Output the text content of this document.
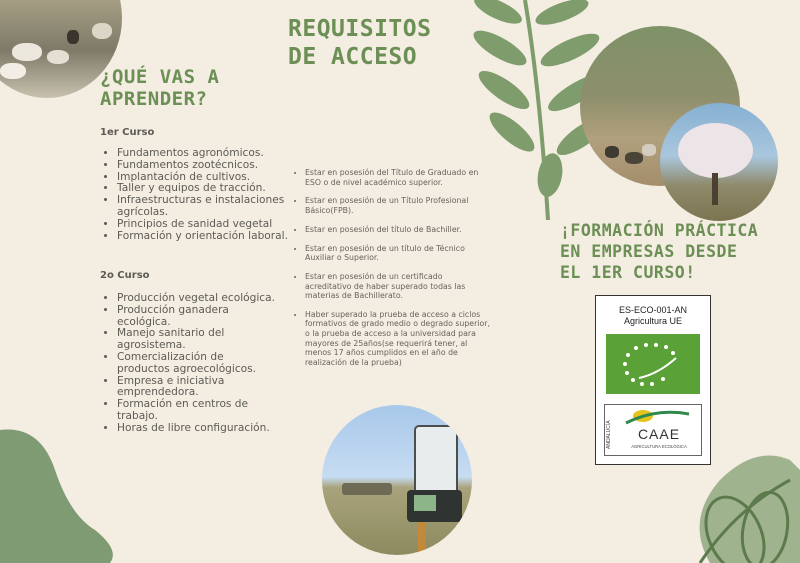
¿QUÉ VAS A
APRENDER?
1er Curso
• Fundamentos agronómicos.
• Fundamentos zootécnicos.
• Implantación de cultivos.
• Taller y equipos de tracción.
• Infraestructuras e instalaciones agrícolas.
• Principios de sanidad vegetal
• Formación y orientación laboral.
2o Curso
• Producción vegetal ecológica.
• Producción ganadera ecológica.
• Manejo sanitario del agrosistema.
• Comercialización de productos agroecológicos.
• Empresa e iniciativa emprendedora.
• Formación en centros de trabajo.
• Horas de libre configuración.
REQUISITOS
DE ACCESO
• Estar en posesión del Título de Graduado en ESO o de nivel académico superior.
• Estar en posesión de un Título Profesional Básico(FPB).
• Estar en posesión del título de Bachiller.
• Estar en posesión de un título de Técnico Auxiliar o Superior.
• Estar en posesión de un certificado acreditativo de haber superado todas las materias de Bachillerato.
• Haber superado la prueba de acceso a ciclos formativos de grado medio o degrado superior, o la prueba de acceso a la universidad para mayores de 25años(se requerirá tener, al menos 17 años cumplidos en el año de realización de la prueba)
¡FORMACIÓN PRÁCTICA
EN EMPRESAS DESDE
EL 1ER CURSO!
ES-ECO-001-AN
Agricultura UE
ANDALUCÍA	CAAE
AGRICULTURA ECOLÓGICA
